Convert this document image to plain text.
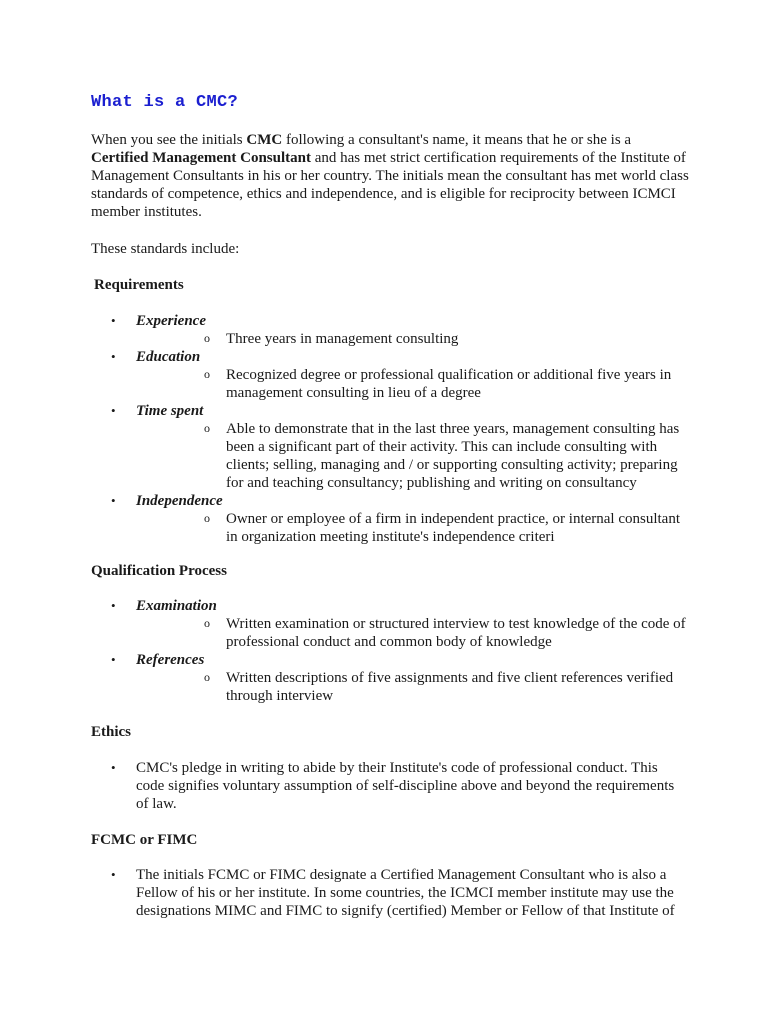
What is a CMC?

When you see the initials CMC following a consultant's name, it means that he or she is a Certified Management Consultant and has met strict certification requirements of the Institute of Management Consultants in his or her country. The initials mean the consultant has met world class standards of competence, ethics and independence, and is eligible for reciprocity between ICMCI member institutes.

These standards include:

Requirements
• Experience
o Three years in management consulting
• Education
o Recognized degree or professional qualification or additional five years in management consulting in lieu of a degree
• Time spent
o Able to demonstrate that in the last three years, management consulting has been a significant part of their activity. This can include consulting with clients; selling, managing and / or supporting consulting activity; preparing for and teaching consultancy; publishing and writing on consultancy
• Independence
o Owner or employee of a firm in independent practice, or internal consultant in organization meeting institute's independence criteri
Qualification Process
• Examination
o Written examination or structured interview to test knowledge of the code of professional conduct and common body of knowledge
• References
o Written descriptions of five assignments and five client references verified through interview
Ethics
• CMC's pledge in writing to abide by their Institute's code of professional conduct. This code signifies voluntary assumption of self-discipline above and beyond the requirements of law.
FCMC or FIMC
• The initials FCMC or FIMC designate a Certified Management Consultant who is also a Fellow of his or her institute. In some countries, the ICMCI member institute may use the designations MIMC and FIMC to signify (certified) Member or Fellow of that Institute of
